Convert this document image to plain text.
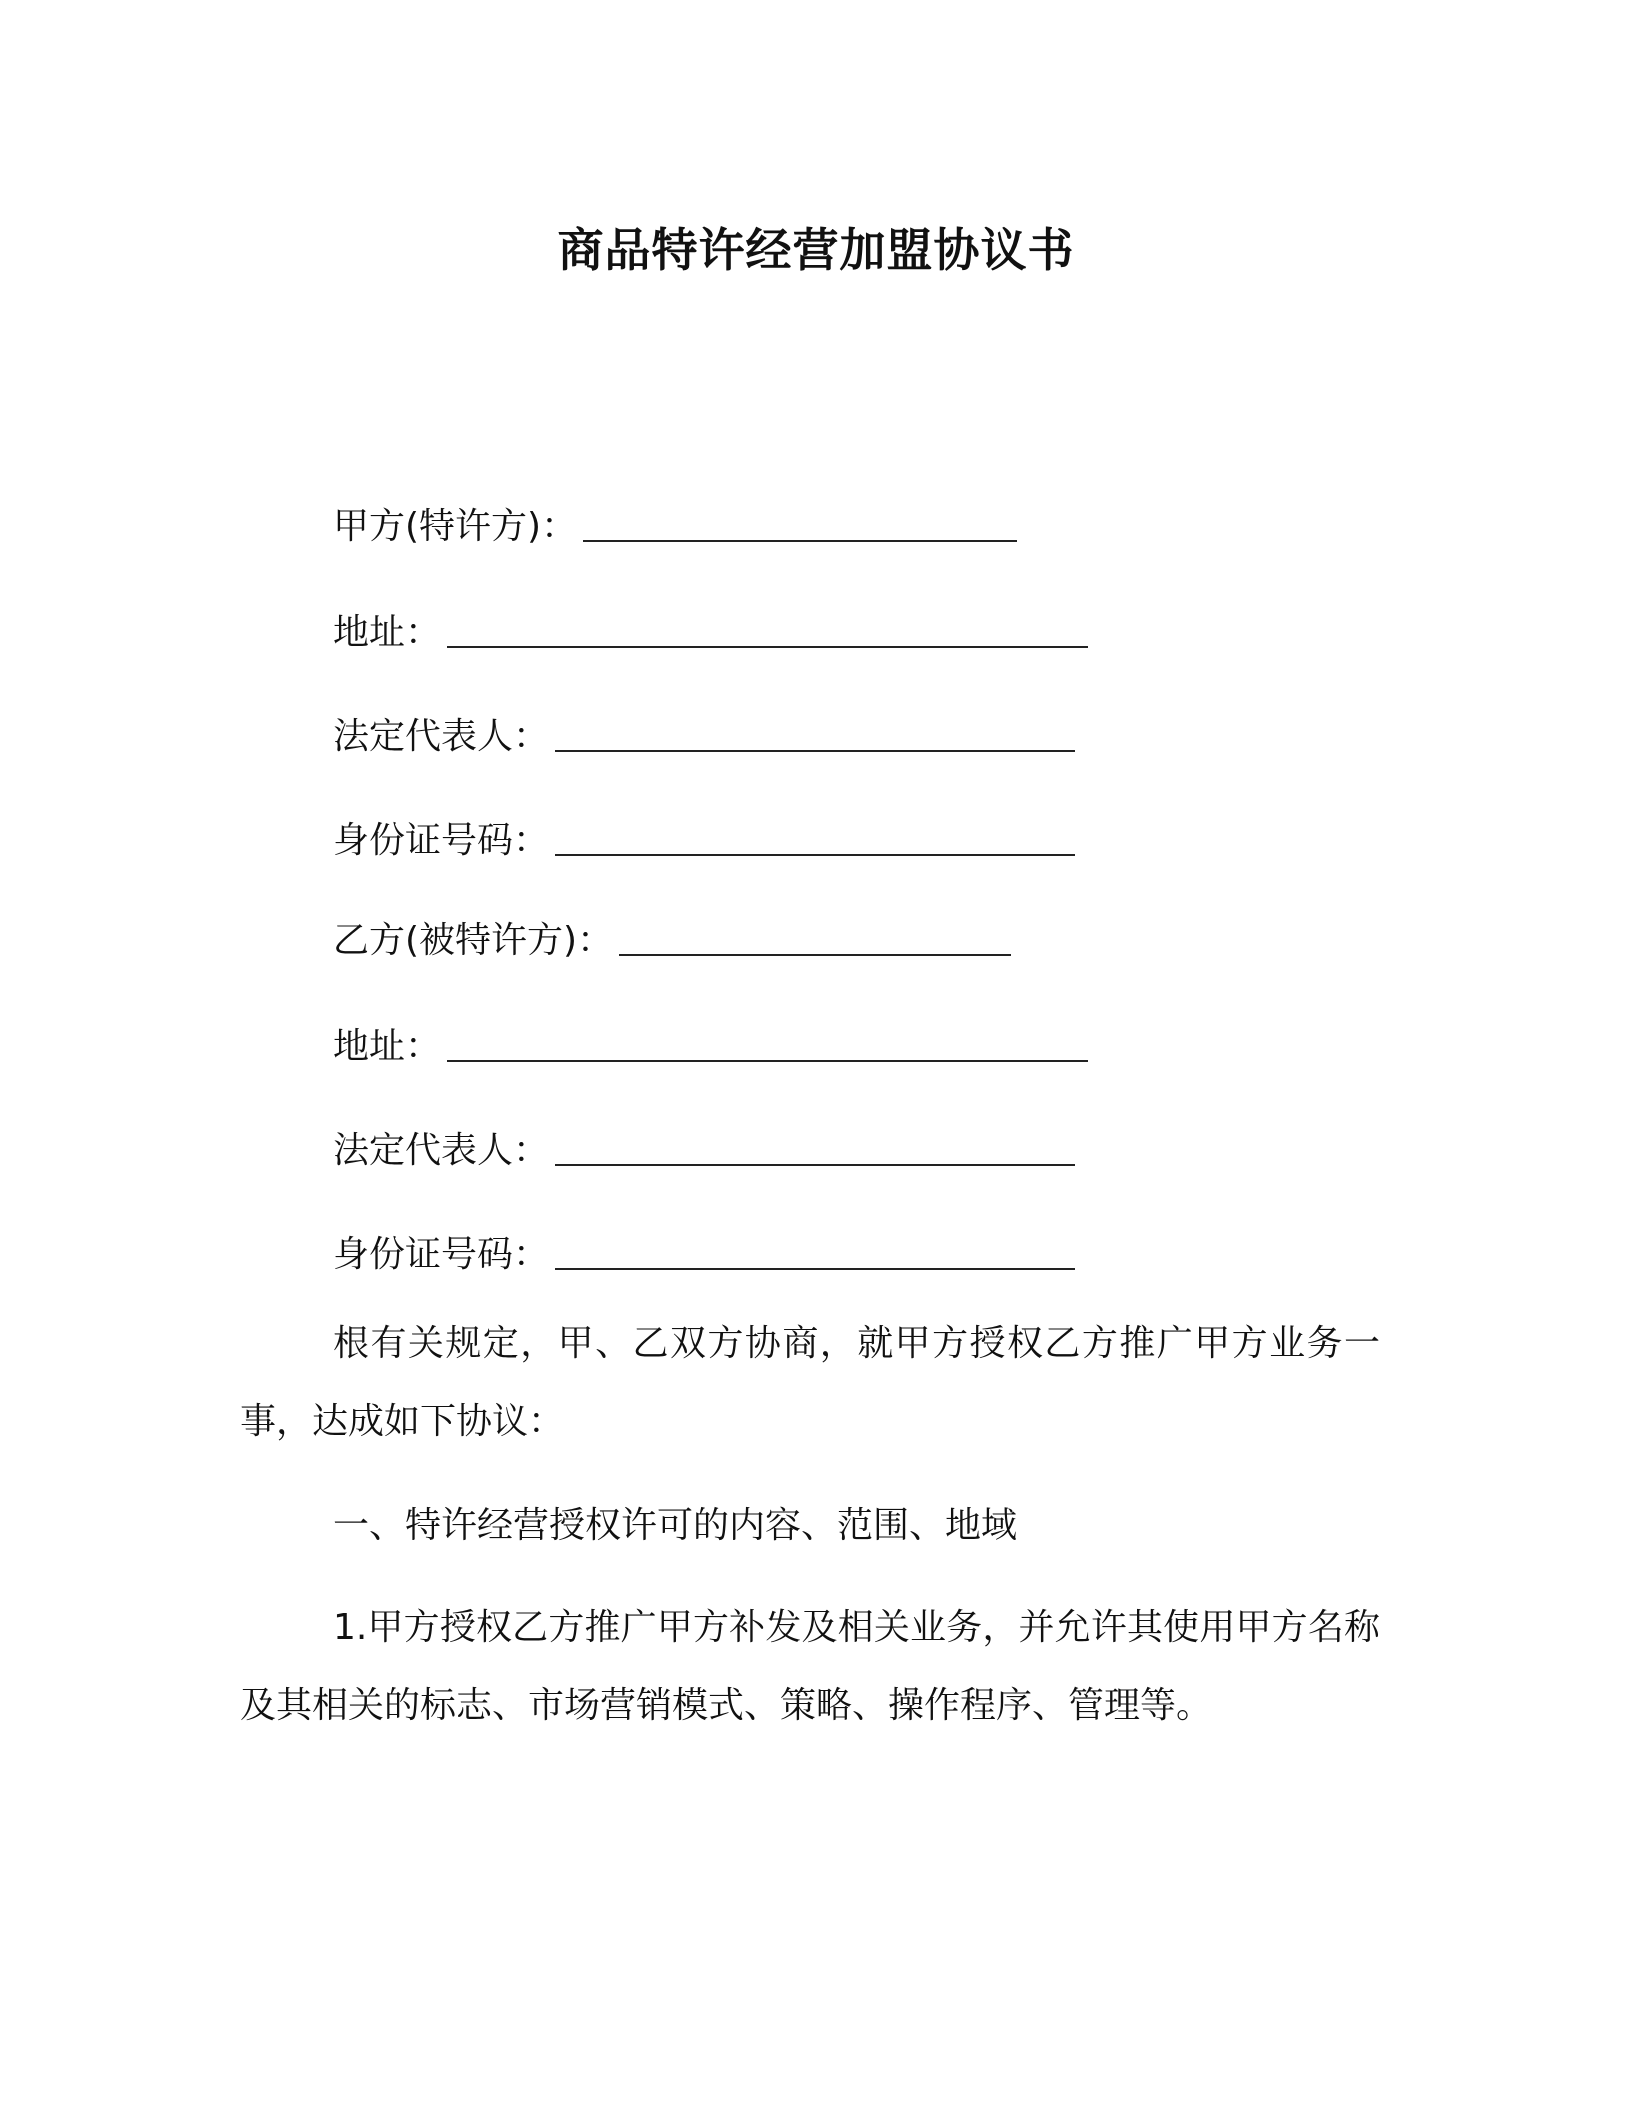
商品特许经营加盟协议书
甲方(特许方)：
地址：
法定代表人：
身份证号码：
乙方(被特许方)：
地址：
法定代表人：
身份证号码：

根有关规定，甲、乙双方协商，就甲方授权乙方推广甲方业务一事，达成如下协议：

一、特许经营授权许可的内容、范围、地域

1.甲方授权乙方推广甲方补发及相关业务，并允许其使用甲方名称及其相关的标志、市场营销模式、策略、操作程序、管理等。
